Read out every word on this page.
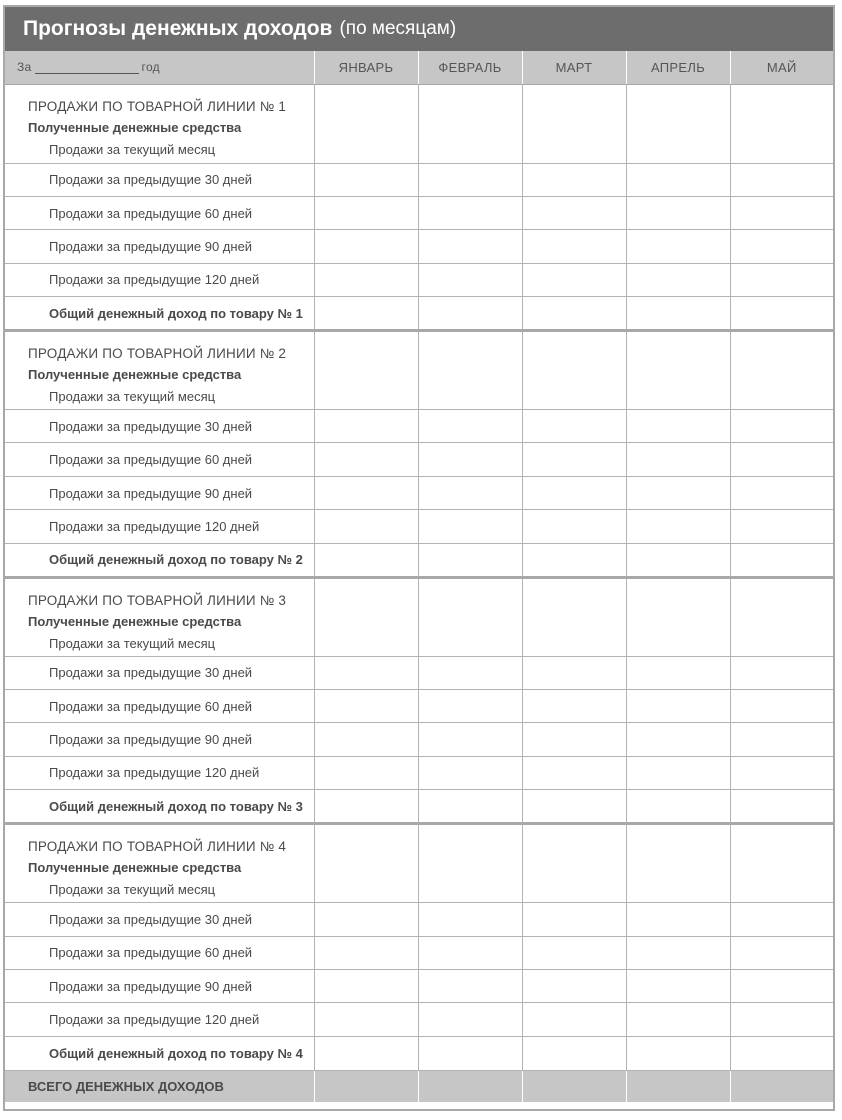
Прогнозы денежных доходов (по месяцам)
За год	ЯНВАРЬ	ФЕВРАЛЬ	МАРТ	АПРЕЛЬ	МАЙ

ПРОДАЖИ ПО ТОВАРНОЙ ЛИНИИ № 1
Полученные денежные средства
Продажи за текущий месяц					

Продажи за предыдущие 30 дней					
Продажи за предыдущие 60 дней					
Продажи за предыдущие 90 дней					
Продажи за предыдущие 120 дней					
Общий денежный доход по товару № 1					

ПРОДАЖИ ПО ТОВАРНОЙ ЛИНИИ № 2
Полученные денежные средства
Продажи за текущий месяц					

Продажи за предыдущие 30 дней					
Продажи за предыдущие 60 дней					
Продажи за предыдущие 90 дней					
Продажи за предыдущие 120 дней					
Общий денежный доход по товару № 2					

ПРОДАЖИ ПО ТОВАРНОЙ ЛИНИИ № 3
Полученные денежные средства
Продажи за текущий месяц					

Продажи за предыдущие 30 дней					
Продажи за предыдущие 60 дней					
Продажи за предыдущие 90 дней					
Продажи за предыдущие 120 дней					
Общий денежный доход по товару № 3					

ПРОДАЖИ ПО ТОВАРНОЙ ЛИНИИ № 4
Полученные денежные средства
Продажи за текущий месяц					

Продажи за предыдущие 30 дней					
Продажи за предыдущие 60 дней					
Продажи за предыдущие 90 дней					
Продажи за предыдущие 120 дней					
Общий денежный доход по товару № 4					
ВСЕГО ДЕНЕЖНЫХ ДОХОДОВ					
